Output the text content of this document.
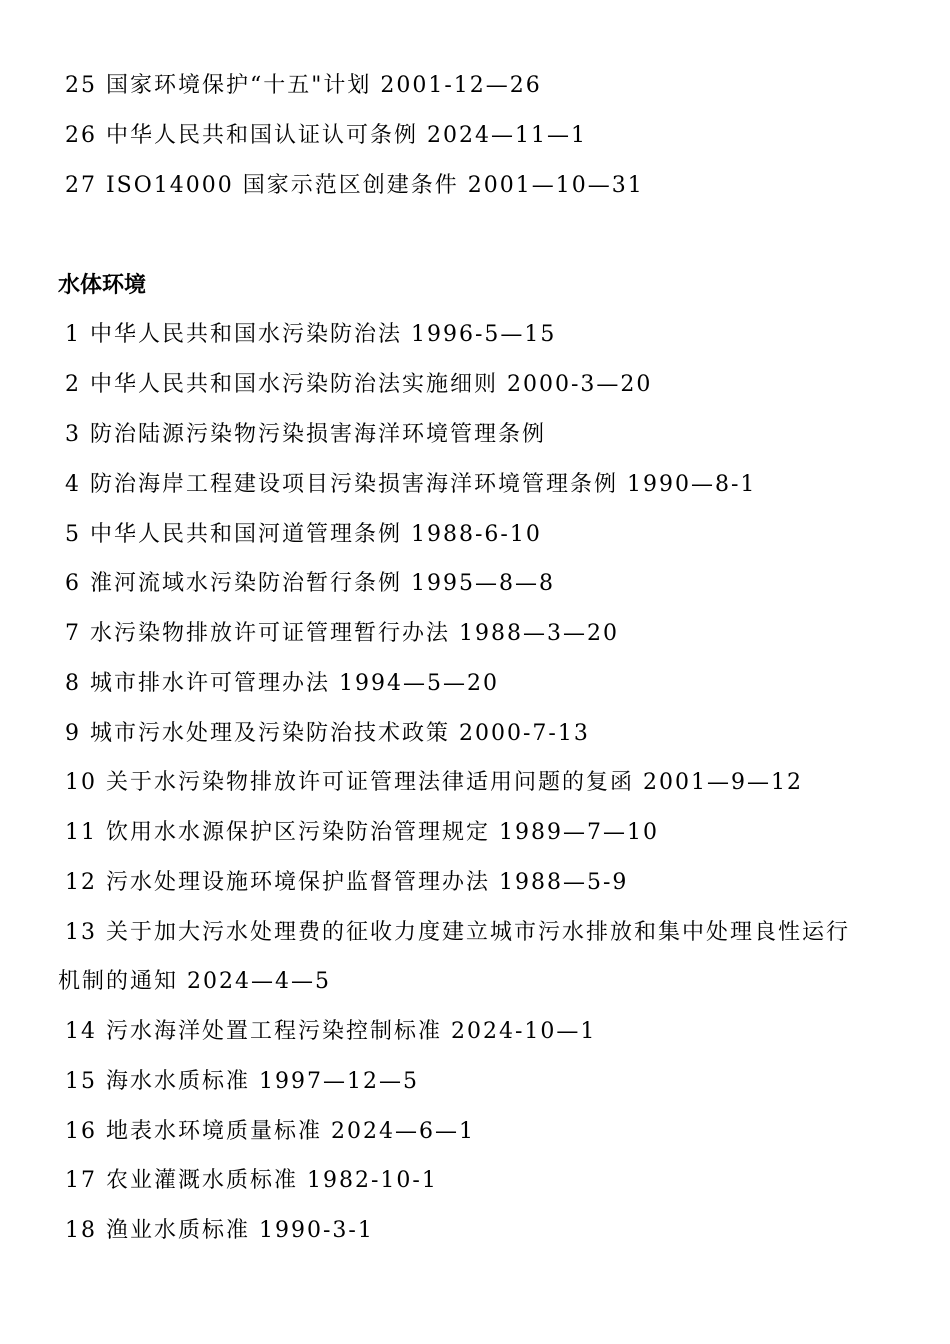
25 国家环境保护“十五"计划 2001-12—26
26 中华人民共和国认证认可条例 2024—11—1
27 ISO14000 国家示范区创建条件 2001—10—31
水体环境
1 中华人民共和国水污染防治法 1996-5—15
2 中华人民共和国水污染防治法实施细则 2000-3—20
3 防治陆源污染物污染损害海洋环境管理条例
4 防治海岸工程建设项目污染损害海洋环境管理条例 1990—8-1
5 中华人民共和国河道管理条例 1988-6-10
6 淮河流域水污染防治暂行条例 1995—8—8
7 水污染物排放许可证管理暂行办法 1988—3—20
8 城市排水许可管理办法 1994—5—20
9 城市污水处理及污染防治技术政策 2000-7-13
10 关于水污染物排放许可证管理法律适用问题的复函 2001—9—12
11 饮用水水源保护区污染防治管理规定 1989—7—10
12 污水处理设施环境保护监督管理办法 1988—5-9
13 关于加大污水处理费的征收力度建立城市污水排放和集中处理良性运行
机制的通知 2024—4—5
14 污水海洋处置工程污染控制标准 2024-10—1
15 海水水质标准 1997—12—5
16 地表水环境质量标准 2024—6—1
17 农业灌溉水质标准 1982-10-1
18 渔业水质标准 1990-3-1
